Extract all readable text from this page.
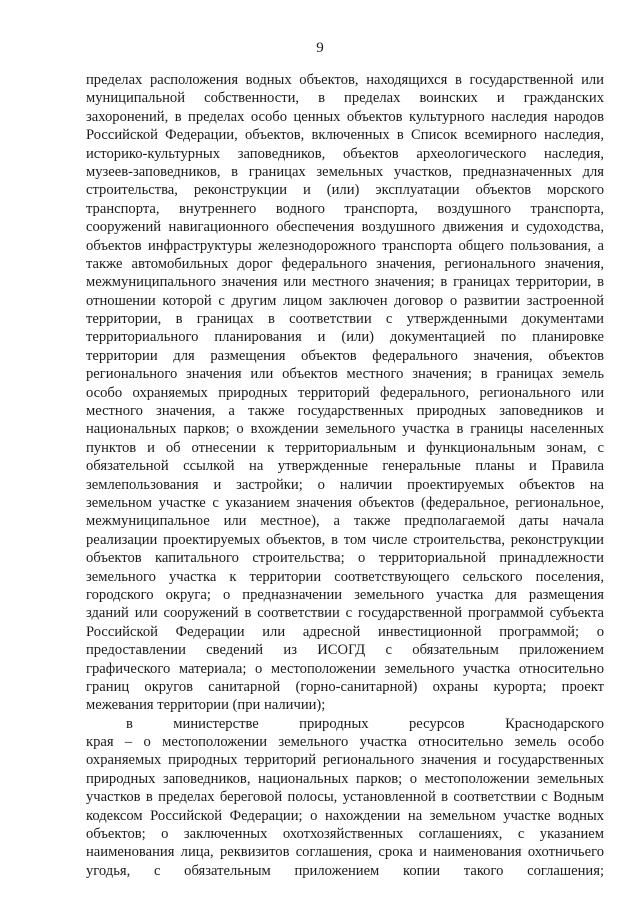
9
пределах расположения водных объектов, находящихся в государственной или
муниципальной собственности, в пределах воинских и гражданских
захоронений, в пределах особо ценных объектов культурного наследия народов
Российской Федерации, объектов, включенных в Список всемирного наследия,
историко-культурных заповедников, объектов археологического наследия,
музеев-заповедников, в границах земельных участков, предназначенных для
строительства, реконструкции и (или) эксплуатации объектов морского
транспорта, внутреннего водного транспорта, воздушного транспорта,
сооружений навигационного обеспечения воздушного движения и судоходства,
объектов инфраструктуры железнодорожного транспорта общего пользования, а
также автомобильных дорог федерального значения, регионального значения,
межмуниципального значения или местного значения; в границах территории, в
отношении которой с другим лицом заключен договор о развитии застроенной
территории, в границах в соответствии с утвержденными документами
территориального планирования и (или) документацией по планировке
территории для размещения объектов федерального значения, объектов
регионального значения или объектов местного значения; в границах земель
особо охраняемых природных территорий федерального, регионального или
местного значения, а также государственных природных заповедников и
национальных парков; о вхождении земельного участка в границы населенных
пунктов и об отнесении к территориальным и функциональным зонам, с
обязательной ссылкой на утвержденные генеральные планы и Правила
землепользования и застройки; о наличии проектируемых объектов на
земельном участке с указанием значения объектов (федеральное, региональное,
межмуниципальное или местное), а также предполагаемой даты начала
реализации проектируемых объектов, в том числе строительства, реконструкции
объектов капитального строительства; о территориальной принадлежности
земельного участка к территории соответствующего сельского поселения,
городского округа; о предназначении земельного участка для размещения
зданий или сооружений в соответствии с государственной программой субъекта
Российской Федерации или адресной инвестиционной программой; о
предоставлении сведений из ИСОГД с обязательным приложением
графического материала; о местоположении земельного участка относительно
границ округов санитарной (горно-санитарной) охраны курорта; проект
межевания территории (при наличии);
в министерстве природных ресурсов Краснодарского
края – о местоположении земельного участка относительно земель особо
охраняемых природных территорий регионального значения и государственных
природных заповедников, национальных парков; о местоположении земельных
участков в пределах береговой полосы, установленной в соответствии с Водным
кодексом Российской Федерации; о нахождении на земельном участке водных
объектов; о заключенных охотхозяйственных соглашениях, с указанием
наименования лица, реквизитов соглашения, срока и наименования охотничьего
угодья, с обязательным приложением копии такого соглашения;
